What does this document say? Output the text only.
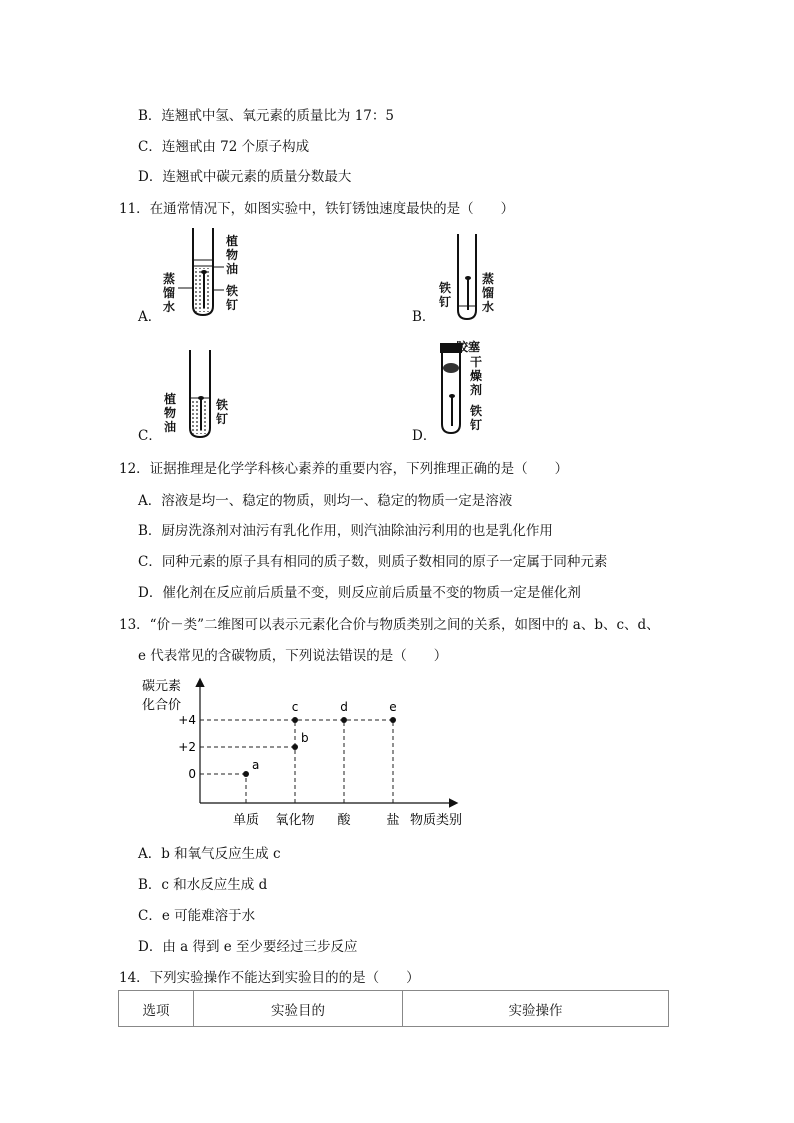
B．连翘甙中氢、氧元素的质量比为 17：5
C．连翘甙由 72 个原子构成
D．连翘甙中碳元素的质量分数最大
11．在通常情况下，如图实验中，铁钉锈蚀速度最快的是（　　）
A．	B．
C．	D．
植物油
蒸馏水
铁钉
铁钉
蒸馏水
植物油
铁钉
胶塞
干燥剂
铁钉
12．证据推理是化学学科核心素养的重要内容，下列推理正确的是（　　）
A．溶液是均一、稳定的物质，则均一、稳定的物质一定是溶液
B．厨房洗涤剂对油污有乳化作用，则汽油除油污利用的也是乳化作用
C．同种元素的原子具有相同的质子数，则质子数相同的原子一定属于同种元素
D．催化剂在反应前后质量不变，则反应前后质量不变的物质一定是催化剂
13．“价－类”二维图可以表示元素化合价与物质类别之间的关系，如图中的 a、b、c、d、
e 代表常见的含碳物质，下列说法错误的是（　　）
碳元素
化合价
物质类别
单质 氧化物 酸	盐
+4
+2
0
a
b
c	d	e
A．b 和氧气反应生成 c
B．c 和水反应生成 d
C．e 可能难溶于水
D．由 a 得到 e 至少要经过三步反应
14．下列实验操作不能达到实验目的的是（　　）
选项	实验目的	实验操作
